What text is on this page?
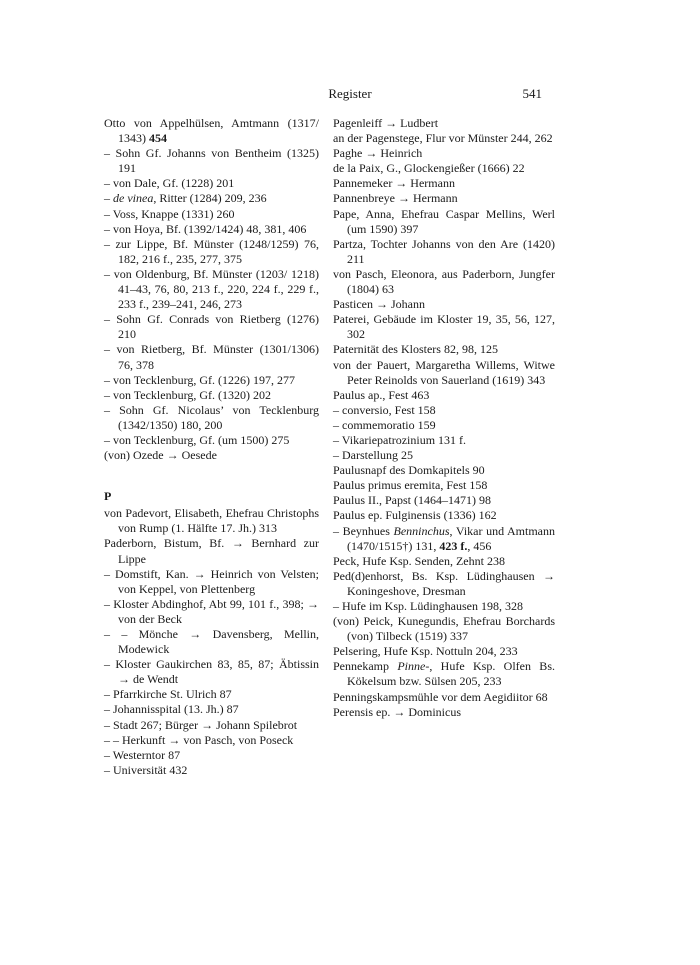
Register	541
Otto von Appelhülsen, Amtmann (1317/ 1343) 454
– Sohn Gf. Johanns von Bentheim (1325) 191
– von Dale, Gf. (1228) 201
– de vinea, Ritter (1284) 209, 236
– Voss, Knappe (1331) 260
– von Hoya, Bf. (1392/1424) 48, 381, 406
– zur Lippe, Bf. Münster (1248/1259) 76, 182, 216 f., 235, 277, 375
– von Oldenburg, Bf. Münster (1203/ 1218) 41–43, 76, 80, 213 f., 220, 224 f., 229 f., 233 f., 239–241, 246, 273
– Sohn Gf. Conrads von Rietberg (1276) 210
– von Rietberg, Bf. Münster (1301/1306) 76, 378
– von Tecklenburg, Gf. (1226) 197, 277
– von Tecklenburg, Gf. (1320) 202
– Sohn Gf. Nicolaus’ von Tecklenburg (1342/1350) 180, 200
– von Tecklenburg, Gf. (um 1500) 275
(von) Ozede → Oesede
P
von Padevort, Elisabeth, Ehefrau Christophs von Rump (1. Hälfte 17. Jh.) 313
Paderborn, Bistum, Bf. → Bernhard zur Lippe
– Domstift, Kan. → Heinrich von Velsten; von Keppel, von Plettenberg
– Kloster Abdinghof, Abt 99, 101 f., 398; → von der Beck
– – Mönche → Davensberg, Mellin, Modewick
– Kloster Gaukirchen 83, 85, 87; Äbtissin → de Wendt
– Pfarrkirche St. Ulrich 87
– Johannisspital (13. Jh.) 87
– Stadt 267; Bürger → Johann Spilebrot
– – Herkunft → von Pasch, von Poseck
– Westerntor 87
– Universität 432
Pagenleiff → Ludbert
an der Pagenstege, Flur vor Münster 244, 262
Paghe → Heinrich
de la Paix, G., Glockengießer (1666) 22
Pannemeker → Hermann
Pannenbreye → Hermann
Pape, Anna, Ehefrau Caspar Mellins, Werl (um 1590) 397
Partza, Tochter Johanns von den Are (1420) 211
von Pasch, Eleonora, aus Paderborn, Jungfer (1804) 63
Pasticen → Johann
Paterei, Gebäude im Kloster 19, 35, 56, 127, 302
Paternität des Klosters 82, 98, 125
von der Pauert, Margaretha Willems, Witwe Peter Reinolds von Sauerland (1619) 343
Paulus ap., Fest 463
– conversio, Fest 158
– commemoratio 159
– Vikariepatrozinium 131 f.
– Darstellung 25
Paulusnapf des Domkapitels 90
Paulus primus eremita, Fest 158
Paulus II., Papst (1464–1471) 98
Paulus ep. Fulginensis (1336) 162
– Beynhues Benninchus, Vikar und Amtmann (1470/1515†) 131, 423 f., 456
Peck, Hufe Ksp. Senden, Zehnt 238
Ped(d)enhorst, Bs. Ksp. Lüdinghausen → Koningeshove, Dresman
– Hufe im Ksp. Lüdinghausen 198, 328
(von) Peick, Kunegundis, Ehefrau Borchards (von) Tilbeck (1519) 337
Pelsering, Hufe Ksp. Nottuln 204, 233
Pennekamp Pinne-, Hufe Ksp. Olfen Bs. Kökelsum bzw. Sülsen 205, 233
Penningskampsmühle vor dem Aegidiitor 68
Perensis ep. → Dominicus
